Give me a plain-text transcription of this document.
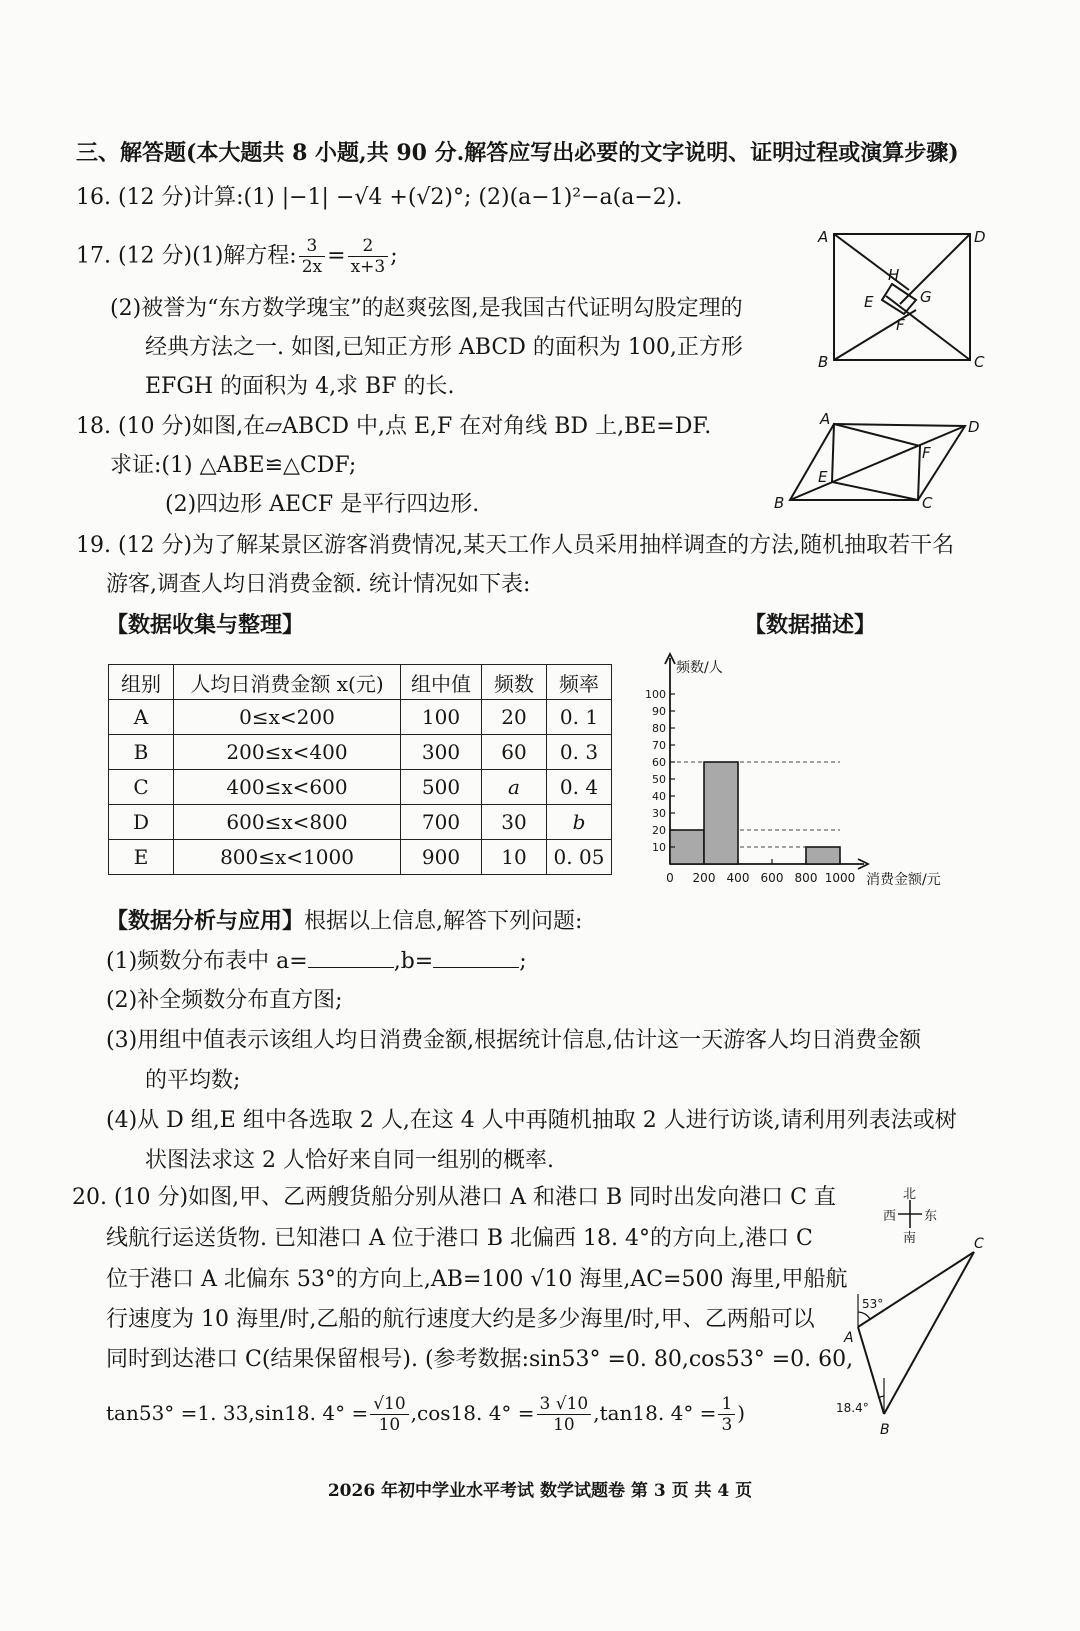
三、解答题(本大题共 8 小题,共 90 分.解答应写出必要的文字说明、证明过程或演算步骤)
16. (12 分)计算:(1) |−1| −√4 +(√2)°; (2)(a−1)²−a(a−2).
17. (12 分)(1)解方程: $\frac{3}{2x} = \frac{2}{x+3}$ ;
(2)被誉为“东方数学瑰宝”的赵爽弦图,是我国古代证明勾股定理的
经典方法之一. 如图,已知正方形 ABCD 的面积为 100,正方形
EFGH 的面积为 4,求 BF 的长.
A	D
B	C
H
E	G
F
18. (10 分)如图,在▱ABCD 中,点 E,F 在对角线 BD 上,BE=DF.
求证:(1) △ABE≌△CDF;
(2)四边形 AECF 是平行四边形.
A	D
B	C
E
F
19. (12 分)为了解某景区游客消费情况,某天工作人员采用抽样调查的方法,随机抽取若干名
游客,调查人均日消费金额. 统计情况如下表:
【数据收集与整理】	【数据描述】
组别	人均日消费金额 x(元)	组中值	频数	频率
A	0≤x<200	100	20	0. 1
B	200≤x<400	300	60	0. 3
C	400≤x<600	500	a	0. 4
D	600≤x<800	700	30	b
E	800≤x<1000	900	10	0. 05
频数/人
消费金额/元
10
20
30
40
50
60
70
80
90
100
0 200 400 600 800 1000
【数据分析与应用】根据以上信息,解答下列问题:
(1)频数分布表中 a=	,b=	;
(2)补全频数分布直方图;
(3)用组中值表示该组人均日消费金额,根据统计信息,估计这一天游客人均日消费金额
的平均数;
(4)从 D 组,E 组中各选取 2 人,在这 4 人中再随机抽取 2 人进行访谈,请利用列表法或树
状图法求这 2 人恰好来自同一组别的概率.
20. (10 分)如图,甲、乙两艘货船分别从港口 A 和港口 B 同时出发向港口 C 直
线航行运送货物. 已知港口 A 位于港口 B 北偏西 18. 4°的方向上,港口 C
位于港口 A 北偏东 53°的方向上,AB=100 √10 海里,AC=500 海里,甲船航
行速度为 10 海里/时,乙船的航行速度大约是多少海里/时,甲、乙两船可以
同时到达港口 C(结果保留根号). (参考数据:sin53° =0. 80,cos53° =0. 60,
tan53° =1. 33,sin18. $4^\circ = \frac{√10}{10} ,\cos 18$. $4^\circ = \frac{3 √10}{10} ,\tan 18$. $4^\circ = \frac{1}{3}$ )
北
西 东
南
A
B
C
53°
18.4°
2026 年初中学业水平考试 数学试题卷 第 3 页 共 4 页
